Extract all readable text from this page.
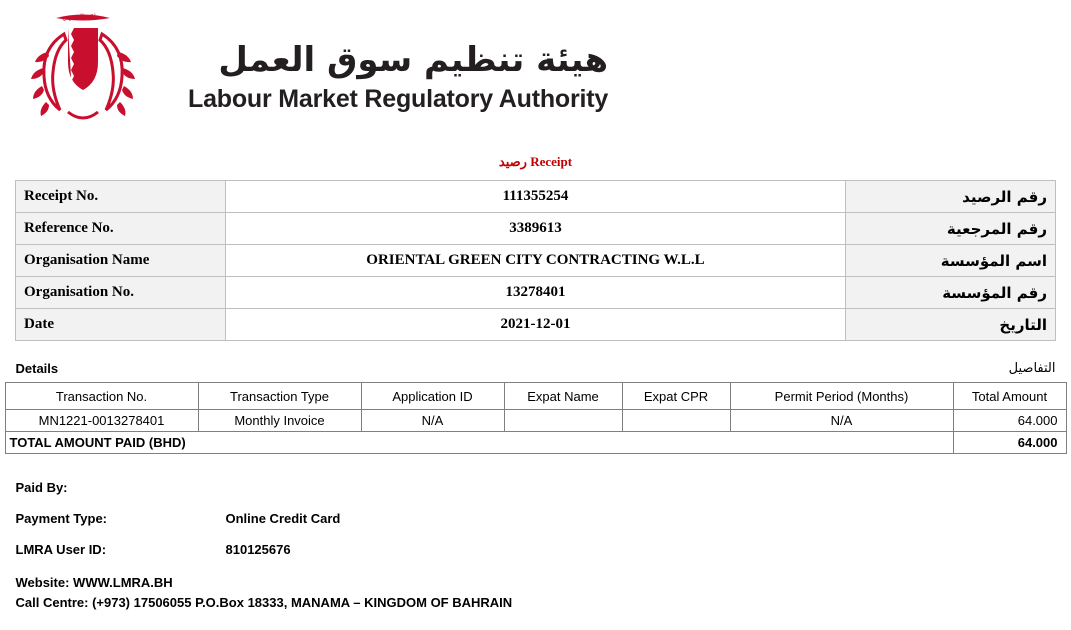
مملكة البحرين
هيئة تنظيم سوق العمل
Labour Market Regulatory Authority
رصيد Receipt
Receipt No.	111355254	رقم الرصيد
Reference No.	3389613	رقم المرجعية
Organisation Name	ORIENTAL GREEN CITY CONTRACTING W.L.L	اسم المؤسسة
Organisation No.	13278401	رقم المؤسسة
Date	2021-12-01	التاريخ
Details	التفاصيل
Transaction No.	Transaction Type	Application ID	Expat Name	Expat CPR	Permit Period (Months)	Total Amount
MN1221-0013278401	Monthly Invoice	N/A			N/A	64.000
TOTAL AMOUNT PAID (BHD)						64.000
Paid By:
Payment Type:	Online Credit Card
LMRA User ID:	810125676
Website: WWW.LMRA.BH
Call Centre: (+973) 17506055 P.O.Box 18333, MANAMA – KINGDOM OF BAHRAIN
